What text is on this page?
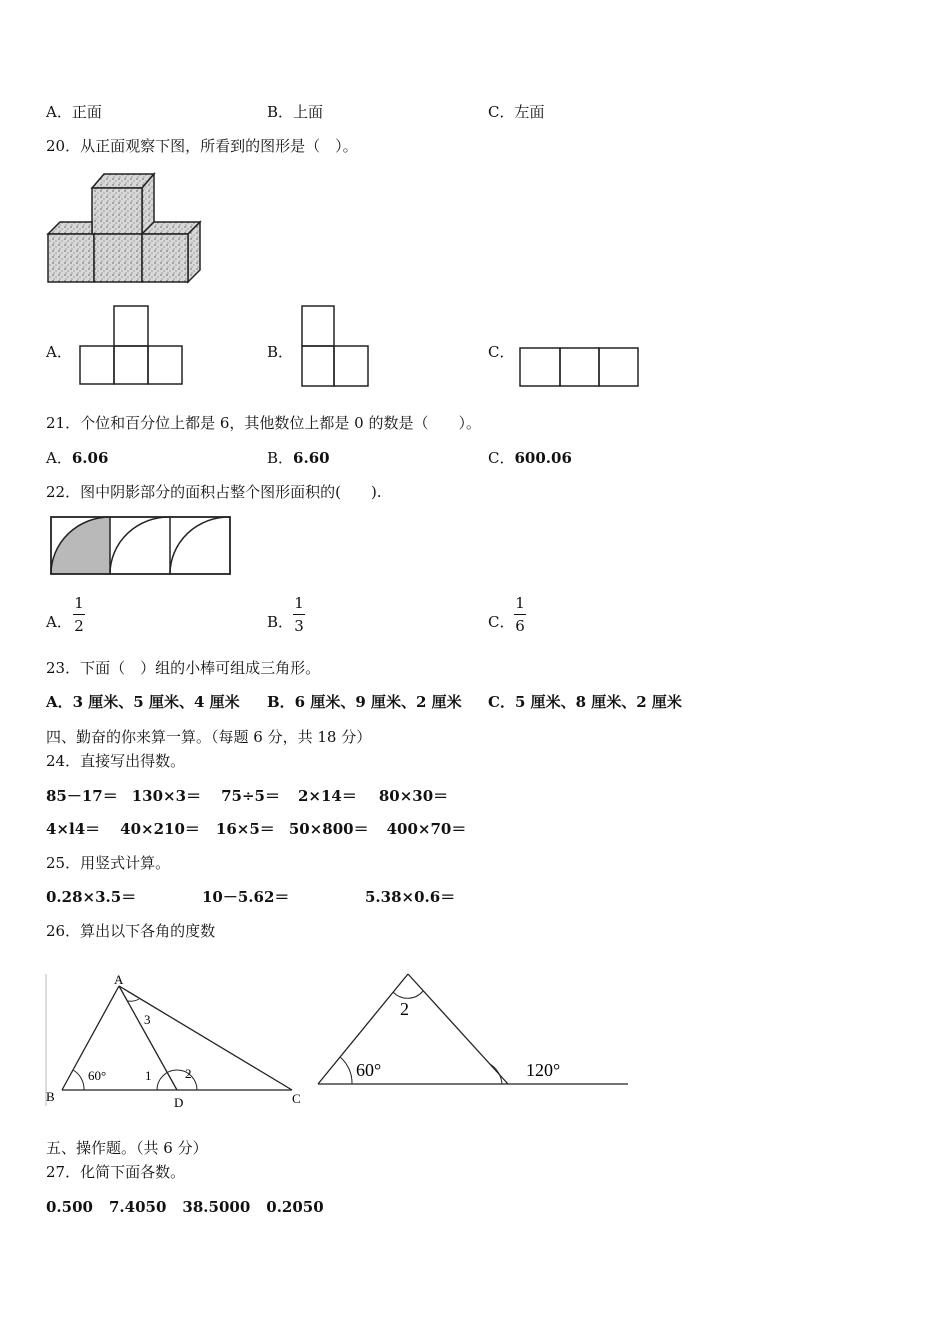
A．正面	B．上面	C．左面
20．从正面观察下图，所看到的图形是（　）。
A．	B．	C．
21．个位和百分位上都是 6，其他数位上都是 0 的数是（　　）。
A．6.06	B．6.60	C．600.06
22．图中阴影部分的面积占整个图形面积的(　　).
A．
1
2	B．
1
3	C．
1
6
23．下面（　）组的小棒可组成三角形。
A．3 厘米、5 厘米、4 厘米 B．6 厘米、9 厘米、2 厘米 C．5 厘米、8 厘米、2 厘米
四、勤奋的你来算一算。（每题 6 分，共 18 分）
24．直接写出得数。
85－17＝ 130×3＝ 75÷5＝ 2×14＝ 80×30＝
4×l4＝ 40×210＝ 16×5＝ 50×800＝ 400×70＝
25．用竖式计算。
0.28×3.5＝	10－5.62＝	5.38×0.6＝
26．算出以下各角的度数
A
B	D	C
60°	1	2
3
2
60°	120°
五、操作题。（共 6 分）
27．化简下面各数。
0.500 7.4050 38.5000 0.2050
